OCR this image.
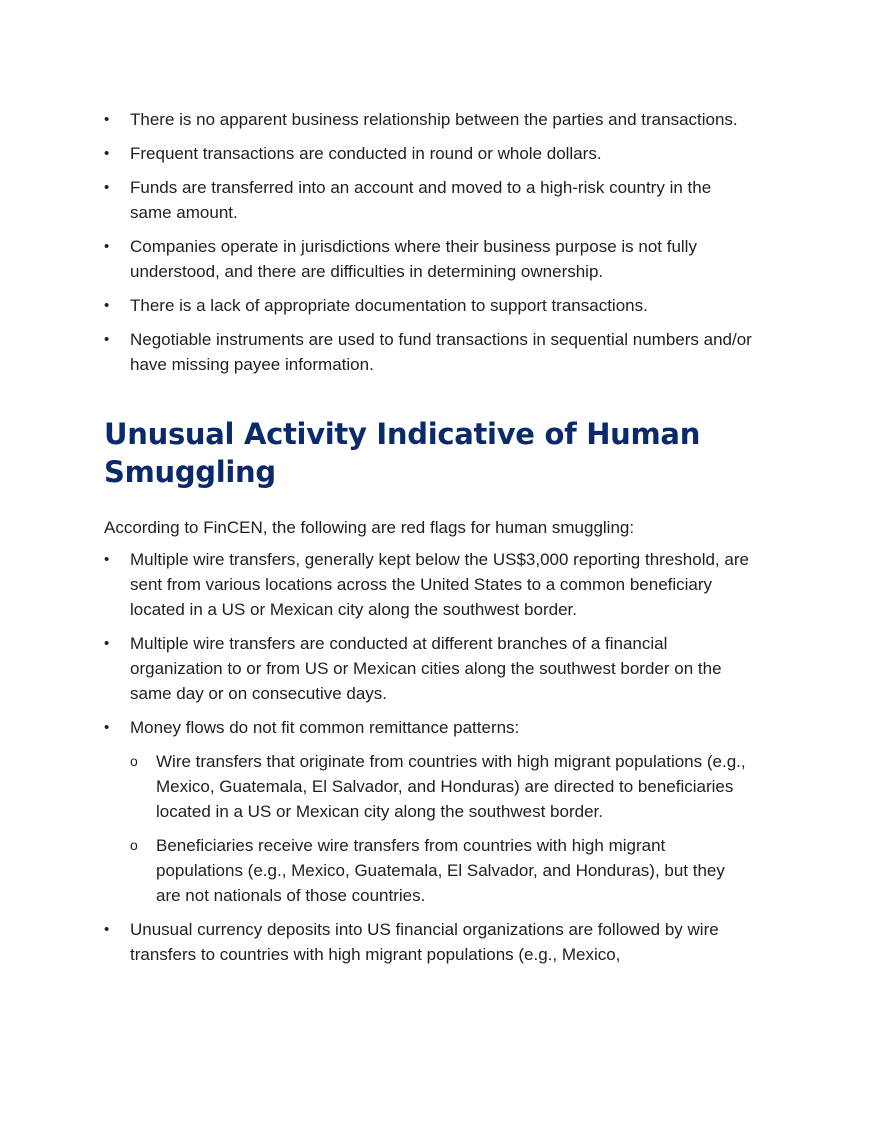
•	There is no apparent business relationship between the parties and transactions.
•	Frequent transactions are conducted in round or whole dollars.
•	Funds are transferred into an account and moved to a high-risk country in the same amount.
•	Companies operate in jurisdictions where their business purpose is not fully understood, and there are difficulties in determining ownership.
•	There is a lack of appropriate documentation to support transactions.
•	Negotiable instruments are used to fund transactions in sequential numbers and/or have missing payee information.
Unusual Activity Indicative of Human Smuggling

According to FinCEN, the following are red flags for human smuggling:

•	Multiple wire transfers, generally kept below the US$3,000 reporting threshold, are sent from various locations across the United States to a common beneficiary located in a US or Mexican city along the southwest border.
•	Multiple wire transfers are conducted at different branches of a financial organization to or from US or Mexican cities along the southwest border on the same day or on consecutive days.
•	Money flows do not fit common remittance patterns:
o Wire transfers that originate from countries with high migrant populations (e.g., Mexico, Guatemala, El Salvador, and Honduras) are directed to beneficiaries located in a US or Mexican city along the southwest border.
o Beneficiaries receive wire transfers from countries with high migrant populations (e.g., Mexico, Guatemala, El Salvador, and Honduras), but they are not nationals of those countries.
•	Unusual currency deposits into US financial organizations are followed by wire transfers to countries with high migrant populations (e.g., Mexico,
